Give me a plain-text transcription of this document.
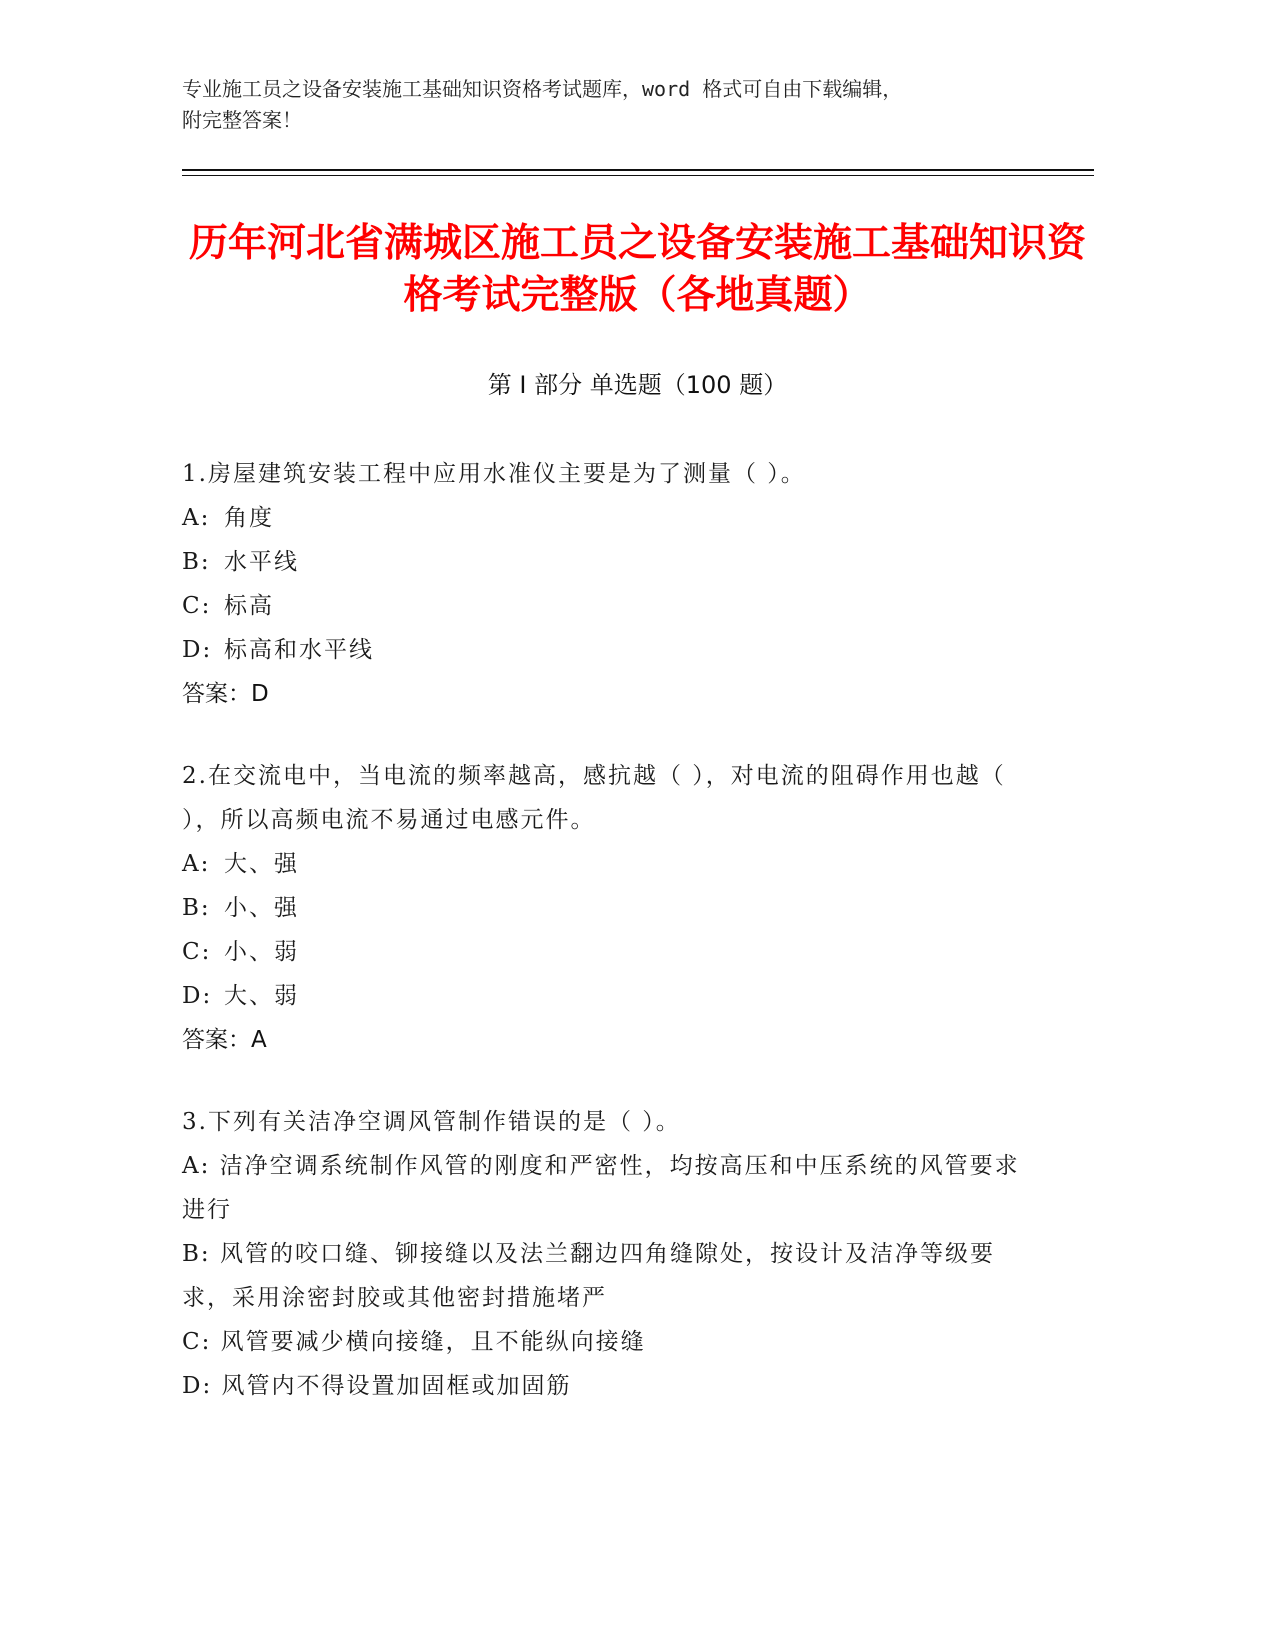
专业施工员之设备安装施工基础知识资格考试题库，word 格式可自由下载编辑，
附完整答案！
历年河北省满城区施工员之设备安装施工基础知识资格考试完整版（各地真题）
第 I 部分 单选题（100 题）
1.房屋建筑安装工程中应用水准仪主要是为了测量（ ）。
A: 角度
B: 水平线
C: 标高
D: 标高和水平线
答案：D
2.在交流电中，当电流的频率越高，感抗越（ ），对电流的阻碍作用也越（ ），所以高频电流不易通过电感元件。
A: 大、强
B: 小、强
C: 小、弱
D: 大、弱
答案：A
3.下列有关洁净空调风管制作错误的是（ ）。
A: 洁净空调系统制作风管的刚度和严密性，均按高压和中压系统的风管要求进行
B: 风管的咬口缝、铆接缝以及法兰翻边四角缝隙处，按设计及洁净等级要求，采用涂密封胶或其他密封措施堵严
C: 风管要减少横向接缝，且不能纵向接缝
D: 风管内不得设置加固框或加固筋
